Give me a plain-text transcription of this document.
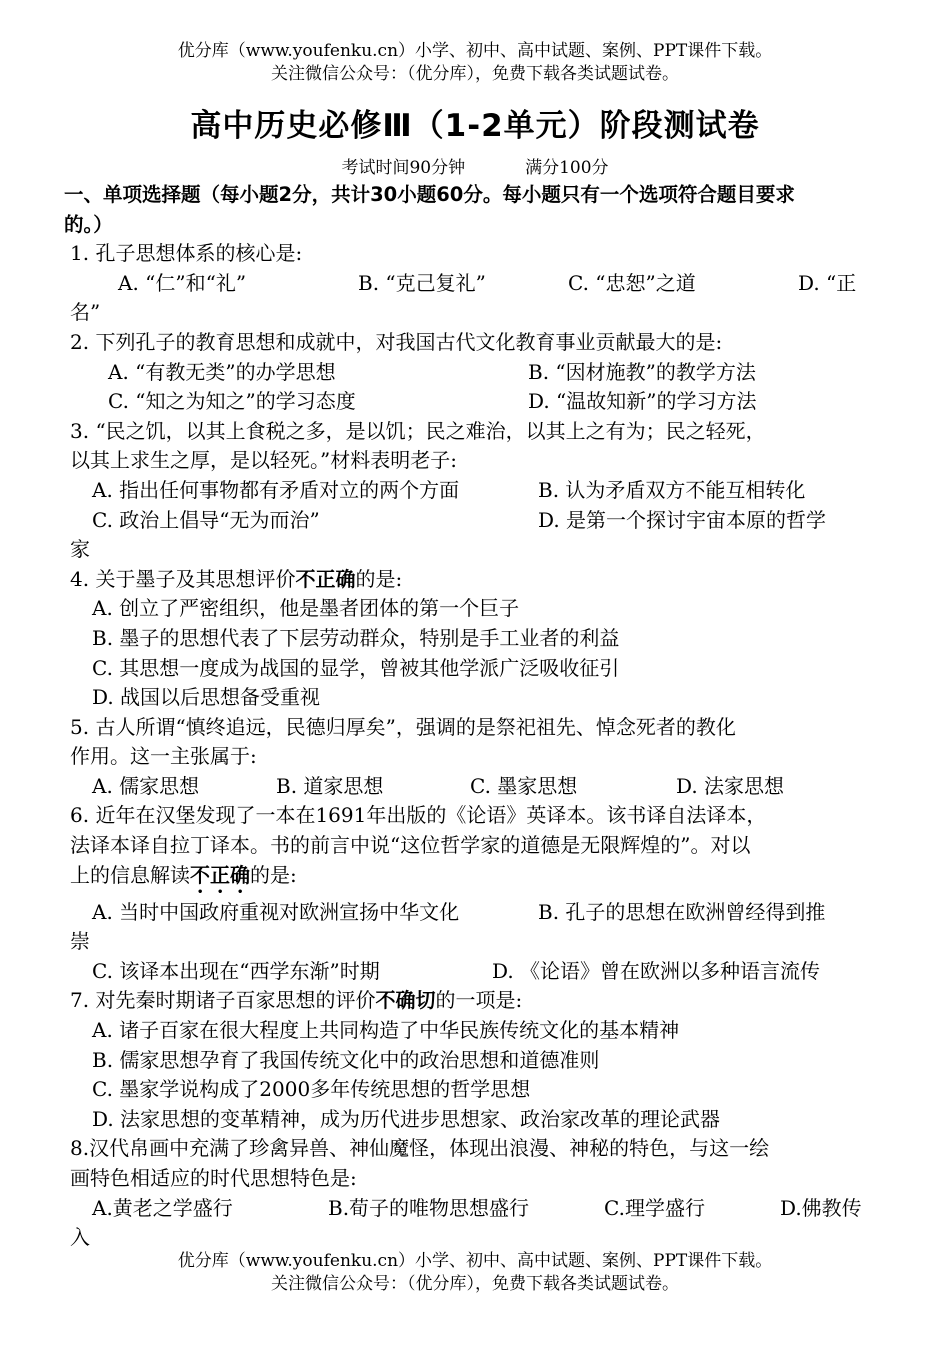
优分库（www.youfenku.cn）小学、初中、高中试题、案例、PPT课件下载。
关注微信公众号：（优分库），免费下载各类试题试卷。
高中历史必修Ⅲ（1-2单元）阶段测试卷
考试时间90分钟	满分100分
一、单项选择题（每小题2分，共计30小题60分。每小题只有一个选项符合题目要求
的。）
1. 孔子思想体系的核心是:
A. “仁”和“礼”	B. “克己复礼”	C. “忠恕”之道	D. “正
名”
2. 下列孔子的教育思想和成就中，对我国古代文化教育事业贡献最大的是:
A. “有教无类”的办学思想	B. “因材施教”的教学方法
C. “知之为知之”的学习态度	D. “温故知新”的学习方法
3. “民之饥，以其上食税之多，是以饥；民之难治，以其上之有为；民之轻死，
以其上求生之厚，是以轻死。”材料表明老子:
A. 指出任何事物都有矛盾对立的两个方面	B. 认为矛盾双方不能互相转化
C. 政治上倡导“无为而治”	D. 是第一个探讨宇宙本原的哲学
家
4. 关于墨子及其思想评价不正确的是:
A. 创立了严密组织，他是墨者团体的第一个巨子
B. 墨子的思想代表了下层劳动群众，特别是手工业者的利益
C. 其思想一度成为战国的显学，曾被其他学派广泛吸收征引
D. 战国以后思想备受重视
5. 古人所谓“慎终追远，民德归厚矣”，强调的是祭祀祖先、悼念死者的教化
作用。这一主张属于:
A. 儒家思想	B. 道家思想	C. 墨家思想	D. 法家思想
6. 近年在汉堡发现了一本在1691年出版的《论语》英译本。该书译自法译本，
法译本译自拉丁译本。书的前言中说“这位哲学家的道德是无限辉煌的”。对以
上的信息解读不正确的是:
A. 当时中国政府重视对欧洲宣扬中华文化	B. 孔子的思想在欧洲曾经得到推
崇
C. 该译本出现在“西学东渐”时期	D. 《论语》曾在欧洲以多种语言流传
7. 对先秦时期诸子百家思想的评价不确切的一项是:
A. 诸子百家在很大程度上共同构造了中华民族传统文化的基本精神
B. 儒家思想孕育了我国传统文化中的政治思想和道德准则
C. 墨家学说构成了2000多年传统思想的哲学思想
D. 法家思想的变革精神，成为历代进步思想家、政治家改革的理论武器
8.汉代帛画中充满了珍禽异兽、神仙魔怪，体现出浪漫、神秘的特色，与这一绘
画特色相适应的时代思想特色是:
A.黄老之学盛行	B.荀子的唯物思想盛行	C.理学盛行	D.佛教传
入
优分库（www.youfenku.cn）小学、初中、高中试题、案例、PPT课件下载。
关注微信公众号：（优分库），免费下载各类试题试卷。
